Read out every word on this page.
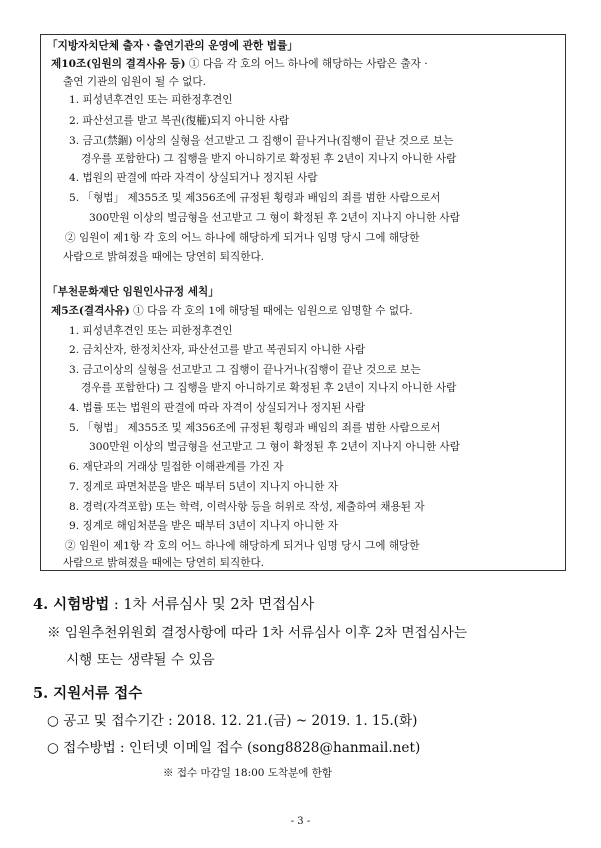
「지방자치단체 출자ㆍ출연기관의 운영에 관한 법률」
제10조(임원의 결격사유 등) ① 다음 각 호의 어느 하나에 해당하는 사람은 출자 ·
출연 기관의 임원이 될 수 없다.
1. 피성년후견인 또는 피한정후견인
2. 파산선고를 받고 복권(復權)되지 아니한 사람
3. 금고(禁錮) 이상의 실형을 선고받고 그 집행이 끝나거나(집행이 끝난 것으로 보는
경우를 포함한다) 그 집행을 받지 아니하기로 확정된 후 2년이 지나지 아니한 사람
4. 법원의 판결에 따라 자격이 상실되거나 정지된 사람
5. 「형법」 제355조 및 제356조에 규정된 횡령과 배임의 죄를 범한 사람으로서
300만원 이상의 벌금형을 선고받고 그 형이 확정된 후 2년이 지나지 아니한 사람
② 임원이 제1항 각 호의 어느 하나에 해당하게 되거나 임명 당시 그에 해당한
사람으로 밝혀졌을 때에는 당연히 퇴직한다.
「부천문화재단 임원인사규정 세칙」
제5조(결격사유) ① 다음 각 호의 1에 해당될 때에는 임원으로 임명할 수 없다.
1. 피성년후견인 또는 피한정후견인
2. 금치산자, 한정치산자, 파산선고를 받고 복권되지 아니한 사람
3. 금고이상의 실형을 선고받고 그 집행이 끝나거나(집행이 끝난 것으로 보는
경우를 포함한다) 그 집행을 받지 아니하기로 확정된 후 2년이 지나지 아니한 사람
4. 법률 또는 법원의 판결에 따라 자격이 상실되거나 정지된 사람
5. 「형법」 제355조 및 제356조에 규정된 횡령과 배임의 죄를 범한 사람으로서
300만원 이상의 벌금형을 선고받고 그 형이 확정된 후 2년이 지나지 아니한 사람
6. 재단과의 거래상 밀접한 이해관계를 가진 자
7. 징계로 파면처분을 받은 때부터 5년이 지나지 아니한 자
8. 경력(자격포함) 또는 학력, 이력사항 등을 허위로 작성, 제출하여 채용된 자
9. 징계로 해임처분을 받은 때부터 3년이 지나지 아니한 자
② 임원이 제1항 각 호의 어느 하나에 해당하게 되거나 임명 당시 그에 해당한
사람으로 밝혀졌을 때에는 당연히 퇴직한다.
4. 시험방법 : 1차 서류심사 및 2차 면접심사
※ 임원추천위원회 결정사항에 따라 1차 서류심사 이후 2차 면접심사는
시행 또는 생략될 수 있음
5. 지원서류 접수
○ 공고 및 접수기간 : 2018. 12. 21.(금) ~ 2019. 1. 15.(화)
○ 접수방법 : 인터넷 이메일 접수 (song8828@hanmail.net)
※ 접수 마감일 18:00 도착분에 한함
- 3 -
